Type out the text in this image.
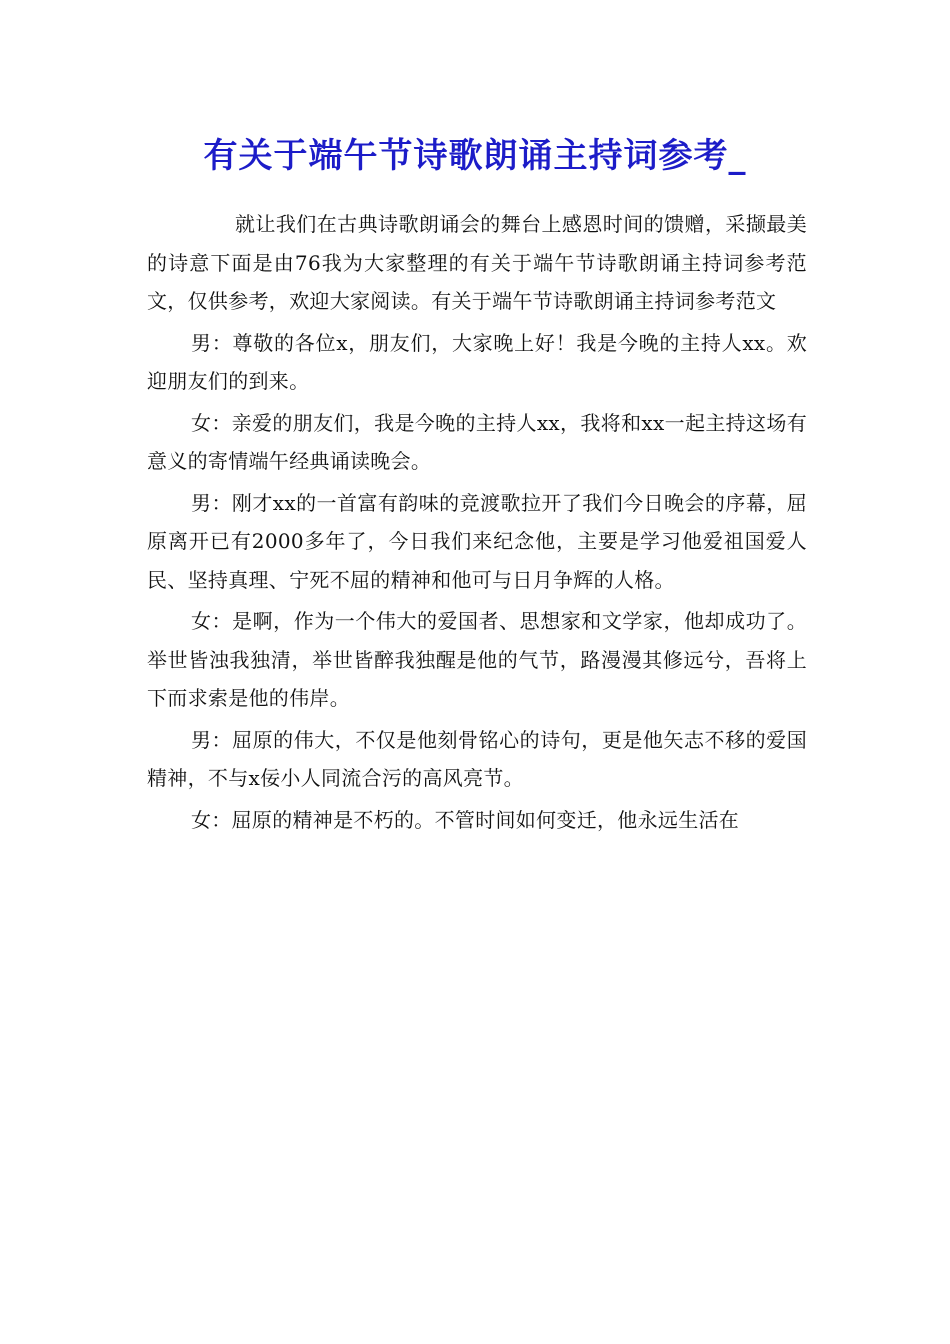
有关于端午节诗歌朗诵主持词参考_

就让我们在古典诗歌朗诵会的舞台上感恩时间的馈赠，采撷最美的诗意下面是由76我为大家整理的有关于端午节诗歌朗诵主持词参考范文，仅供参考，欢迎大家阅读。有关于端午节诗歌朗诵主持词参考范文

男：尊敬的各位x，朋友们，大家晚上好！我是今晚的主持人xx。欢迎朋友们的到来。

女：亲爱的朋友们，我是今晚的主持人xx，我将和xx一起主持这场有意义的寄情端午经典诵读晚会。

男：刚才xx的一首富有韵味的竞渡歌拉开了我们今日晚会的序幕，屈原离开已有2000多年了，今日我们来纪念他，主要是学习他爱祖国爱人民、坚持真理、宁死不屈的精神和他可与日月争辉的人格。

女：是啊，作为一个伟大的爱国者、思想家和文学家，他却成功了。举世皆浊我独清，举世皆醉我独醒是他的气节，路漫漫其修远兮，吾将上下而求索是他的伟岸。

男：屈原的伟大，不仅是他刻骨铭心的诗句，更是他矢志不移的爱国精神，不与x佞小人同流合污的高风亮节。

女：屈原的精神是不朽的。不管时间如何变迁，他永远生活在
